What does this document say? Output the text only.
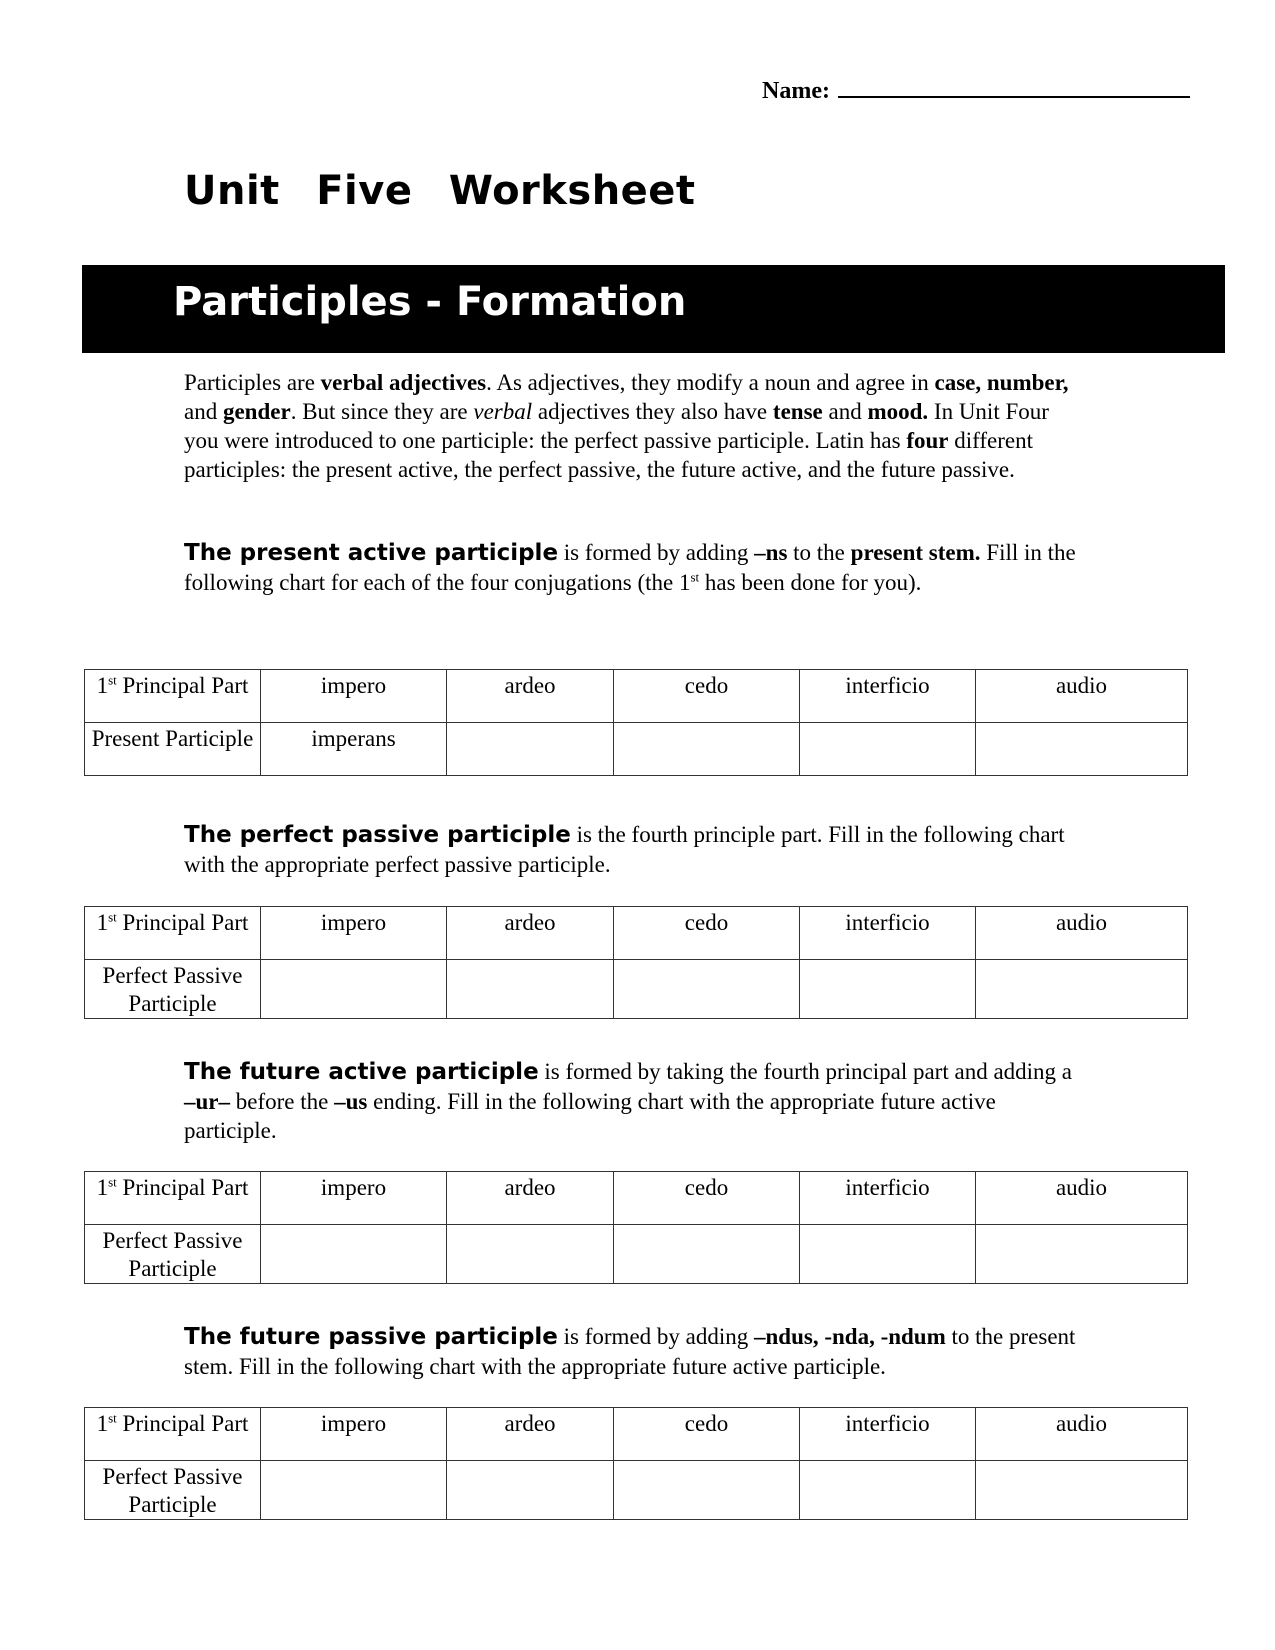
Name:
Unit Five Worksheet
Participles - Formation

Participles are verbal adjectives. As adjectives, they modify a noun and agree in case, number, and gender. But since they are verbal adjectives they also have tense and mood. In Unit Four you were introduced to one participle: the perfect passive participle. Latin has four different participles: the present active, the perfect passive, the future active, and the future passive.

The present active participle is formed by adding –ns to the present stem. Fill in the following chart for each of the four conjugations (the 1st has been done for you).

1st Principal Part	impero	ardeo	cedo	interficio	audio
Present Participle	imperans				

The perfect passive participle is the fourth principle part. Fill in the following chart with the appropriate perfect passive participle.

1st Principal Part	impero	ardeo	cedo	interficio	audio
Perfect Passive Participle					

The future active participle is formed by taking the fourth principal part and adding a –ur– before the –us ending. Fill in the following chart with the appropriate future active participle.

1st Principal Part	impero	ardeo	cedo	interficio	audio
Perfect Passive Participle					

The future passive participle is formed by adding –ndus, -nda, -ndum to the present stem. Fill in the following chart with the appropriate future active participle.

1st Principal Part	impero	ardeo	cedo	interficio	audio
Perfect Passive Participle					
